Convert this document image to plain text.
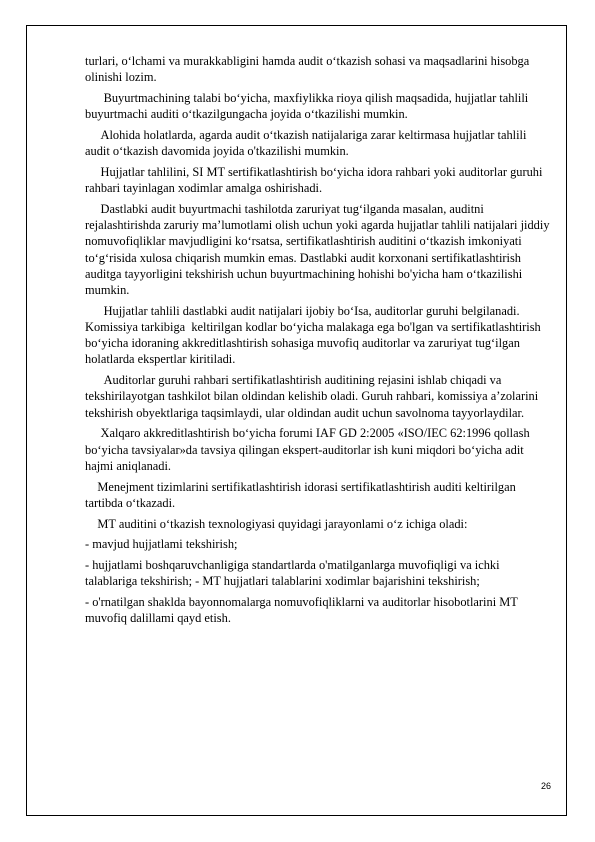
turlari, o‘lchami va murakkabligini hamda audit o‘tkazish sohasi va maqsadlarini hisobga olinishi lozim.

Buyurtmachining talabi bo‘yicha, maxfiylikka rioya qilish maqsadida, hujjatlar tahlili buyurtmachi auditi o‘tkazilgungacha joyida o‘tkazilishi mumkin.

Alohida holatlarda, agarda audit o‘tkazish natijalariga zarar keltirmasa hujjatlar tahlili audit o‘tkazish davomida joyida o'tkazilishi mumkin.

Hujjatlar tahlilini, SI MT sertifikatlashtirish bo‘yicha idora rahbari yoki auditorlar guruhi rahbari tayinlagan xodimlar amalga oshirishadi.

Dastlabki audit buyurtmachi tashilotda zaruriyat tug‘ilganda masalan, auditni rejalashtirishda zaruriy ma’lumotlami olish uchun yoki agarda hujjatlar tahlili natijalari jiddiy nomuvofiqliklar mavjudligini ko‘rsatsa, sertifikatlashtirish auditini o‘tkazish imkoniyati to‘g‘risida xulosa chiqarish mumkin emas. Dastlabki audit korxonani sertifikatlashtirish auditga tayyorligini tekshirish uchun buyurtmachining hohishi bo'yicha ham o‘tkazilishi mumkin.

Hujjatlar tahlili dastlabki audit natijalari ijobiy bo‘Isa, auditorlar guruhi belgilanadi. Komissiya tarkibiga  keltirilgan kodlar bo‘yicha malakaga ega bo'lgan va sertifikatlashtirish bo‘yicha idoraning akkreditlashtirish sohasiga muvofiq auditorlar va zaruriyat tug‘ilgan holatlarda ekspertlar kiritiladi.

Auditorlar guruhi rahbari sertifikatlashtirish auditining rejasini ishlab chiqadi va tekshirilayotgan tashkilot bilan oldindan kelishib oladi. Guruh rahbari, komissiya a’zolarini tekshirish obyektlariga taqsimlaydi, ular oldindan audit uchun savolnoma tayyorlaydilar.

Xalqaro akkreditlashtirish bo‘yicha forumi IAF GD 2:2005 «ISO/IEC 62:1996 qollash bo‘yicha tavsiyalar»da tavsiya qilingan ekspert-auditorlar ish kuni miqdori bo‘yicha adit hajmi aniqlanadi.

Menejment tizimlarini sertifikatlashtirish idorasi sertifikatlashtirish auditi keltirilgan tartibda o‘tkazadi.

MT auditini o‘tkazish texnologiyasi quyidagi jarayonlami o‘z ichiga oladi:

- mavjud hujjatlami tekshirish;

- hujjatlami boshqaruvchanligiga standartlarda o'matilganlarga muvofiqligi va ichki talablariga tekshirish; - MT hujjatlari talablarini xodimlar bajarishini tekshirish;

- o'rnatilgan shaklda bayonnomalarga nomuvofiqliklarni va auditorlar hisobotlarini MT muvofiq dalillami qayd etish.

26
